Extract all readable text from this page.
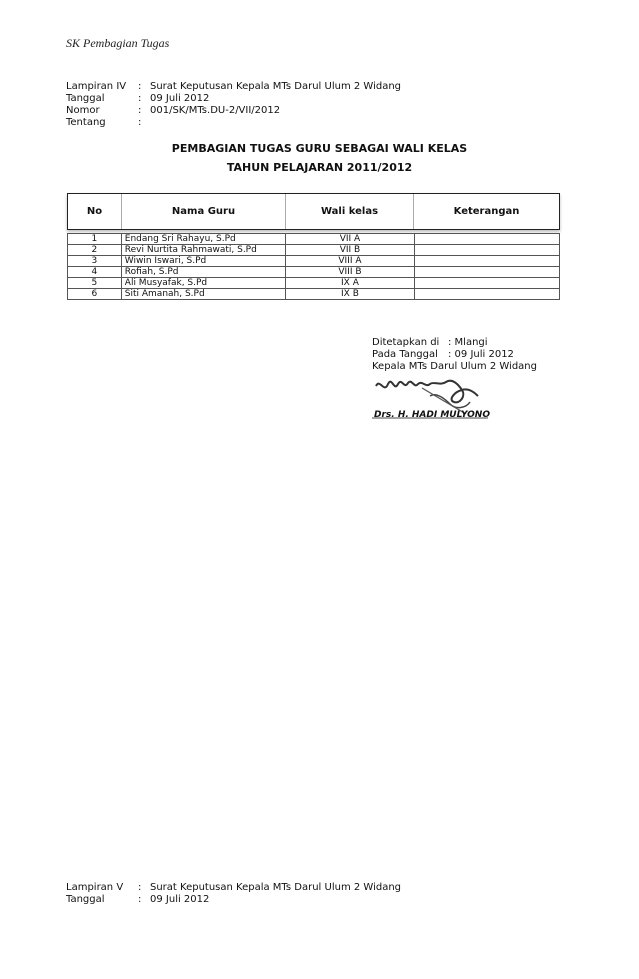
SK Pembagian Tugas
Lampiran IV	: Surat Keputusan Kepala MTs Darul Ulum 2 Widang
Tanggal	: 09 Juli 2012
Nomor	: 001/SK/MTs.DU-2/VII/2012
Tentang	:
PEMBAGIAN TUGAS GURU SEBAGAI WALI KELAS
TAHUN PELAJARAN 2011/2012
No	Nama Guru	Wali kelas	Keterangan
1	Endang Sri Rahayu, S.Pd	VII A	
2	Revi Nurtita Rahmawati, S.Pd	VII B	
3	Wiwin Iswari, S.Pd	VIII A	
4	Rofiah, S.Pd	VIII B	
5	Ali Musyafak, S.Pd	IX A	
6	Siti Amanah, S.Pd	IX B	
Ditetapkan di : Mlangi
Pada Tanggal	: 09 Juli 2012
Kepala MTs Darul Ulum 2 Widang
Drs. H. HADI MULYONO
Lampiran V	: Surat Keputusan Kepala MTs Darul Ulum 2 Widang
Tanggal	: 09 Juli 2012
